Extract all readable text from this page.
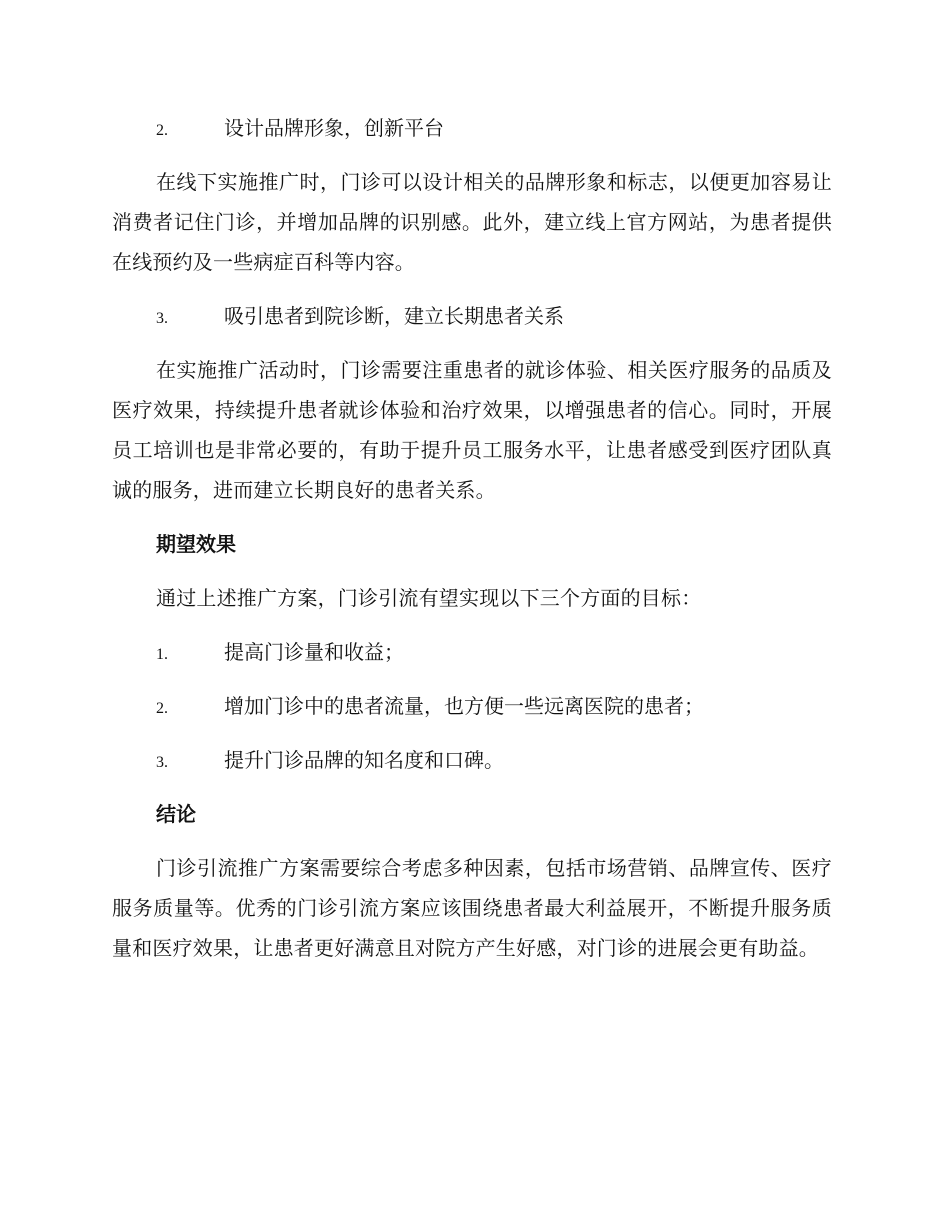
2.	设计品牌形象，创新平台

在线下实施推广时，门诊可以设计相关的品牌形象和标志，以便更加容易让消费者记住门诊，并增加品牌的识别感。此外，建立线上官方网站，为患者提供在线预约及一些病症百科等内容。

3.	吸引患者到院诊断，建立长期患者关系

在实施推广活动时，门诊需要注重患者的就诊体验、相关医疗服务的品质及医疗效果，持续提升患者就诊体验和治疗效果，以增强患者的信心。同时，开展员工培训也是非常必要的，有助于提升员工服务水平，让患者感受到医疗团队真诚的服务，进而建立长期良好的患者关系。

期望效果

通过上述推广方案，门诊引流有望实现以下三个方面的目标：

1.	提高门诊量和收益；
2.	增加门诊中的患者流量，也方便一些远离医院的患者；
3.	提升门诊品牌的知名度和口碑。
结论

门诊引流推广方案需要综合考虑多种因素，包括市场营销、品牌宣传、医疗服务质量等。优秀的门诊引流方案应该围绕患者最大利益展开，不断提升服务质量和医疗效果，让患者更好满意且对院方产生好感，对门诊的进展会更有助益。
